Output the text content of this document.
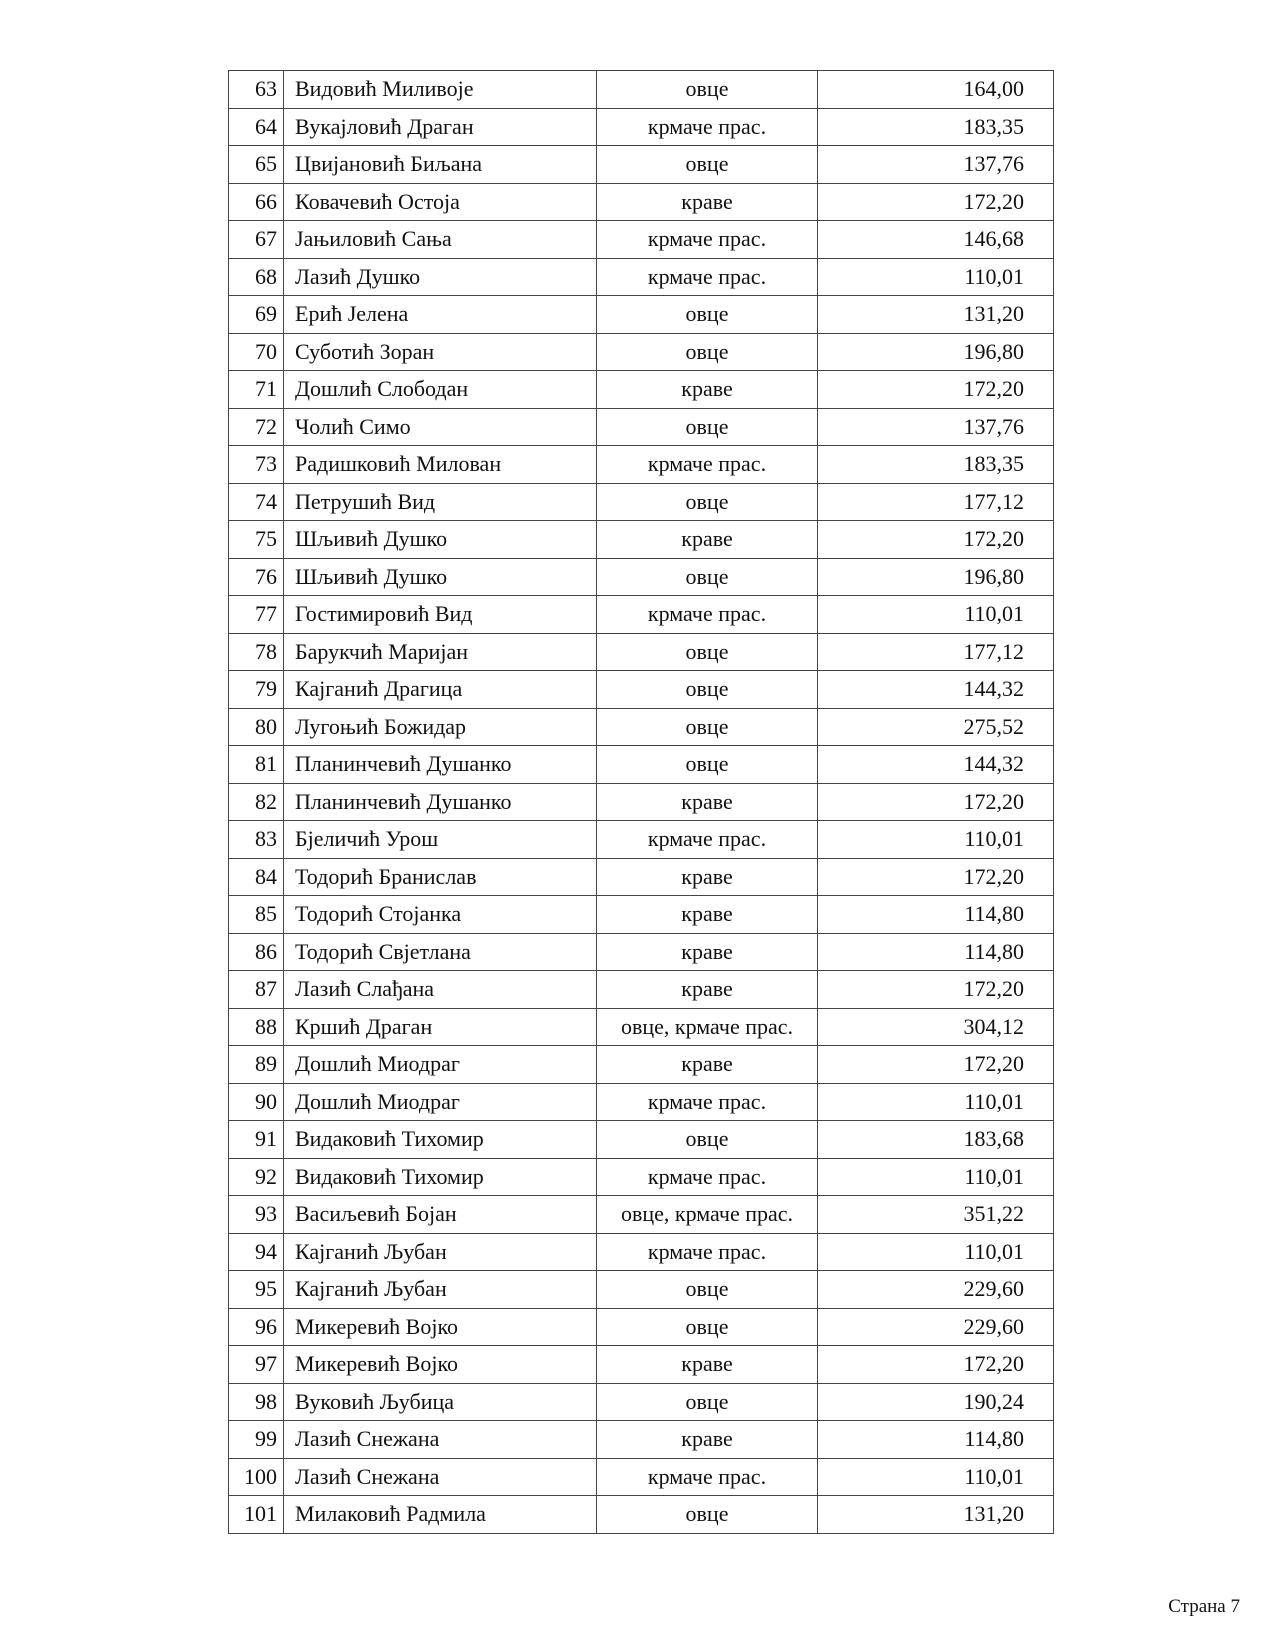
63	Видовић Миливоје	овце	164,00
64	Вукајловић Драган	крмаче прас.	183,35
65	Цвијановић Биљана	овце	137,76
66	Ковачевић Остоја	краве	172,20
67	Јањиловић Сања	крмаче прас.	146,68
68	Лазић Душко	крмаче прас.	110,01
69	Ерић Јелена	овце	131,20
70	Суботић Зоран	овце	196,80
71	Дошлић Слободан	краве	172,20
72	Чолић Симо	овце	137,76
73	Радишковић Милован	крмаче прас.	183,35
74	Петрушић Вид	овце	177,12
75	Шљивић Душко	краве	172,20
76	Шљивић Душко	овце	196,80
77	Гостимировић Вид	крмаче прас.	110,01
78	Барукчић Маријан	овце	177,12
79	Кајганић Драгица	овце	144,32
80	Лугоњић Божидар	овце	275,52
81	Планинчевић Душанко	овце	144,32
82	Планинчевић Душанко	краве	172,20
83	Бјеличић Урош	крмаче прас.	110,01
84	Тодорић Бранислав	краве	172,20
85	Тодорић Стојанка	краве	114,80
86	Тодорић Свјетлана	краве	114,80
87	Лазић Слађана	краве	172,20
88	Кршић Драган	овце, крмаче прас.	304,12
89	Дошлић Миодраг	краве	172,20
90	Дошлић Миодраг	крмаче прас.	110,01
91	Видаковић Тихомир	овце	183,68
92	Видаковић Тихомир	крмаче прас.	110,01
93	Васиљевић Бојан	овце, крмаче прас.	351,22
94	Кајганић Љубан	крмаче прас.	110,01
95	Кајганић Љубан	овце	229,60
96	Микеревић Војко	овце	229,60
97	Микеревић Војко	краве	172,20
98	Вуковић Љубица	овце	190,24
99	Лазић Снежана	краве	114,80
100	Лазић Снежана	крмаче прас.	110,01
101	Милаковић Радмила	овце	131,20
Страна 7
